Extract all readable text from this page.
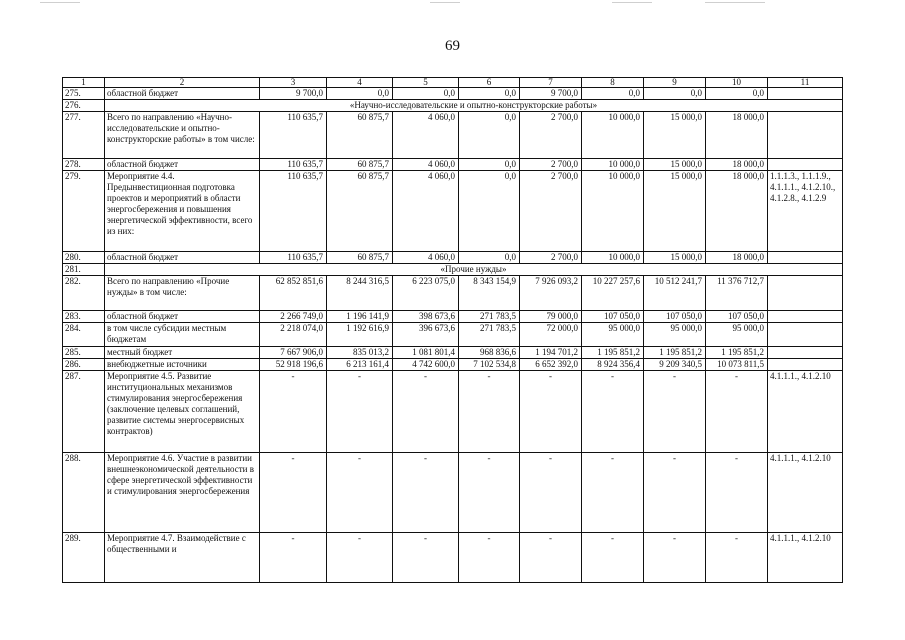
69
1	2	3	4	5	6	7	8	9	10	11
275.	областной бюджет	9 700,0	0,0	0,0	0,0	9 700,0	0,0	0,0	0,0	
276.	«Научно-исследовательские и опытно-конструкторские работы»									
277.	Всего по направлению «Научно-исследовательские и опытно-конструкторские работы» в том числе:	110 635,7	60 875,7	4 060,0	0,0	2 700,0	10 000,0	15 000,0	18 000,0	
278.	областной бюджет	110 635,7	60 875,7	4 060,0	0,0	2 700,0	10 000,0	15 000,0	18 000,0	
279.	Мероприятие 4.4. Предынвестиционная подготовка проектов и мероприятий в области энергосбережения и повышения энергетической эффективности, всего из них:	110 635,7	60 875,7	4 060,0	0,0	2 700,0	10 000,0	15 000,0	18 000,0	1.1.1.3., 1.1.1.9., 4.1.1.1., 4.1.2.10., 4.1.2.8., 4.1.2.9
280.	областной бюджет	110 635,7	60 875,7	4 060,0	0,0	2 700,0	10 000,0	15 000,0	18 000,0	
281.	«Прочие нужды»									
282.	Всего по направлению «Прочие нужды» в том числе:	62 852 851,6	8 244 316,5	6 223 075,0	8 343 154,9	7 926 093,2	10 227 257,6	10 512 241,7	11 376 712,7	
283.	областной бюджет	2 266 749,0	1 196 141,9	398 673,6	271 783,5	79 000,0	107 050,0	107 050,0	107 050,0	
284.	в том числе субсидии местным бюджетам	2 218 074,0	1 192 616,9	396 673,6	271 783,5	72 000,0	95 000,0	95 000,0	95 000,0	
285.	местный бюджет	7 667 906,0	835 013,2	1 081 801,4	968 836,6	1 194 701,2	1 195 851,2	1 195 851,2	1 195 851,2	
286.	внебюджетные источники	52 918 196,6	6 213 161,4	4 742 600,0	7 102 534,8	6 652 392,0	8 924 356,4	9 209 340,5	10 073 811,5	
287.	Мероприятие 4.5. Развитие институциональных механизмов стимулирования энергосбережения (заключение целевых соглашений, развитие системы энергосервисных контрактов)	-	-	-	-	-	-	-	-	4.1.1.1., 4.1.2.10
288.	Мероприятие 4.6. Участие в развитии внешнеэкономической деятельности в сфере энергетической эффективности и стимулирования энергосбережения	-	-	-	-	-	-	-	-	4.1.1.1., 4.1.2.10
289.	Мероприятие 4.7. Взаимодействие с общественными и	-	-	-	-	-	-	-	-	4.1.1.1., 4.1.2.10
